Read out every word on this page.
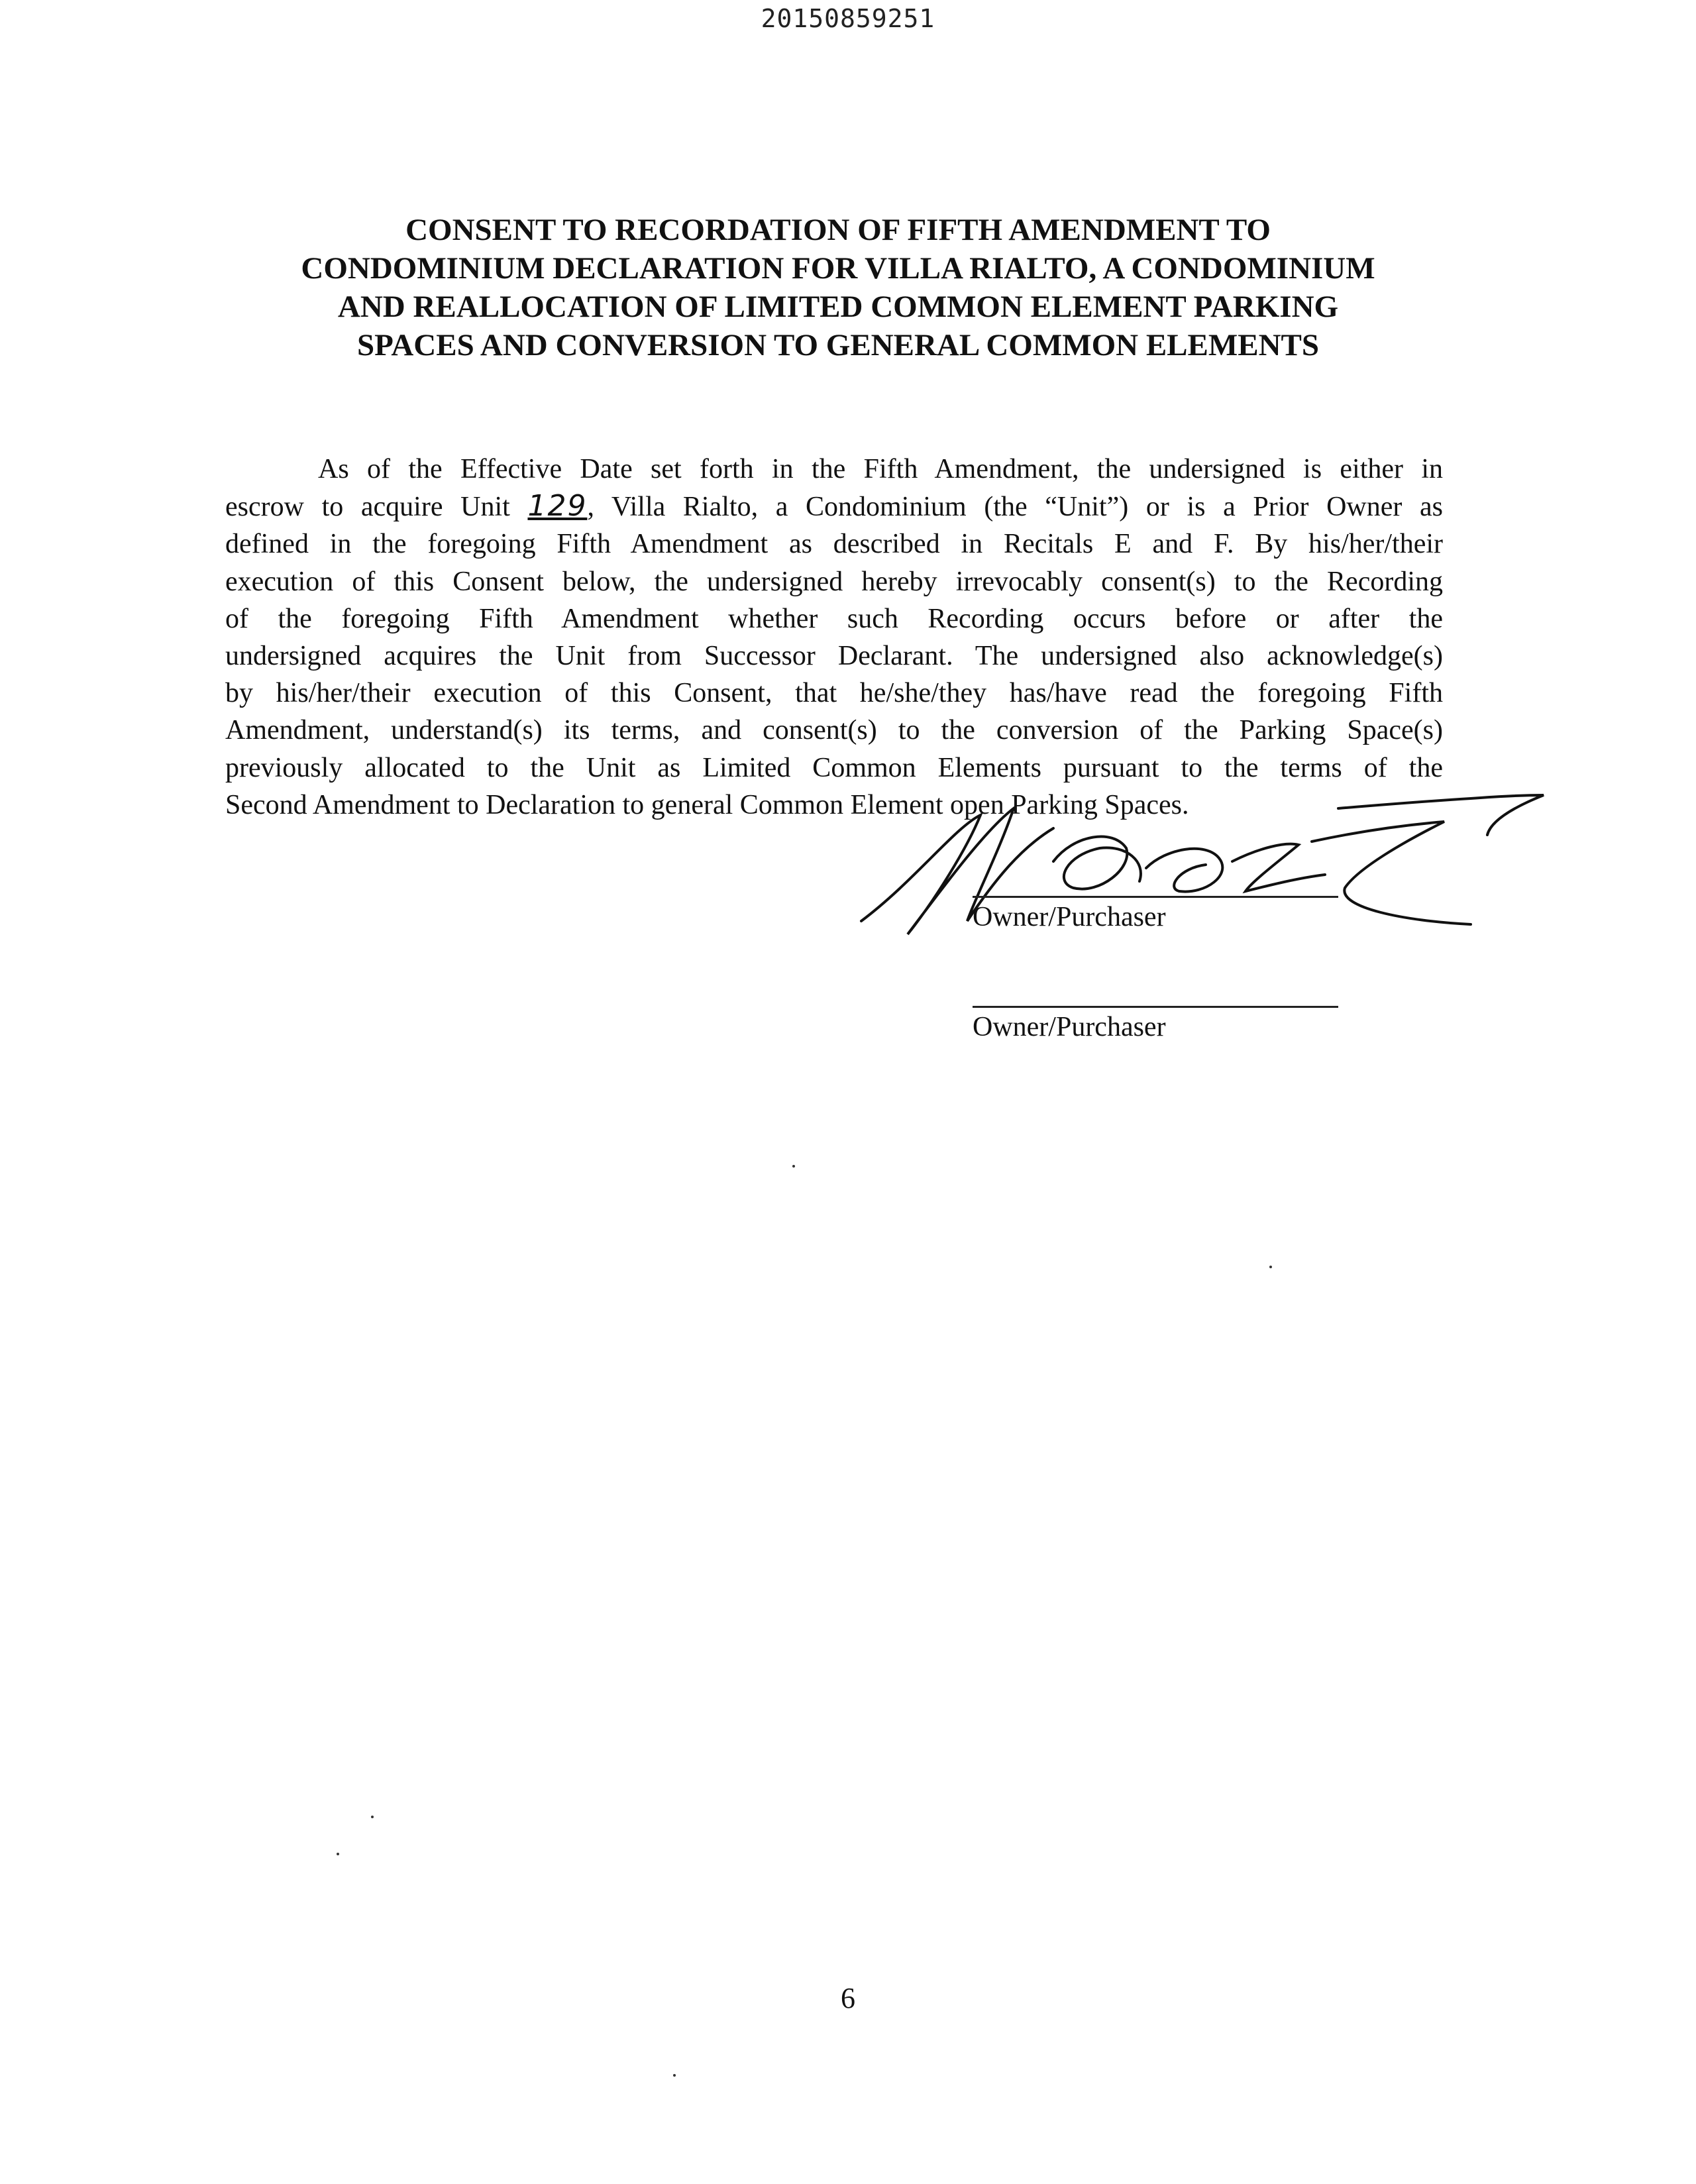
20150859251
CONSENT TO RECORDATION OF FIFTH AMENDMENT TO
CONDOMINIUM DECLARATION FOR VILLA RIALTO, A CONDOMINIUM
AND REALLOCATION OF LIMITED COMMON ELEMENT PARKING
SPACES AND CONVERSION TO GENERAL COMMON ELEMENTS
As of the Effective Date set forth in the Fifth Amendment, the undersigned is either in
escrow to acquire Unit 129, Villa Rialto, a Condominium (the “Unit”) or is a Prior Owner as
defined in the foregoing Fifth Amendment as described in Recitals E and F. By his/her/their
execution of this Consent below, the undersigned hereby irrevocably consent(s) to the Recording
of the foregoing Fifth Amendment whether such Recording occurs before or after the
undersigned acquires the Unit from Successor Declarant. The undersigned also acknowledge(s)
by his/her/their execution of this Consent, that he/she/they has/have read the foregoing Fifth
Amendment, understand(s) its terms, and consent(s) to the conversion of the Parking Space(s)
previously allocated to the Unit as Limited Common Elements pursuant to the terms of the
Second Amendment to Declaration to general Common Element open Parking Spaces.
Owner/Purchaser
Owner/Purchaser
6
